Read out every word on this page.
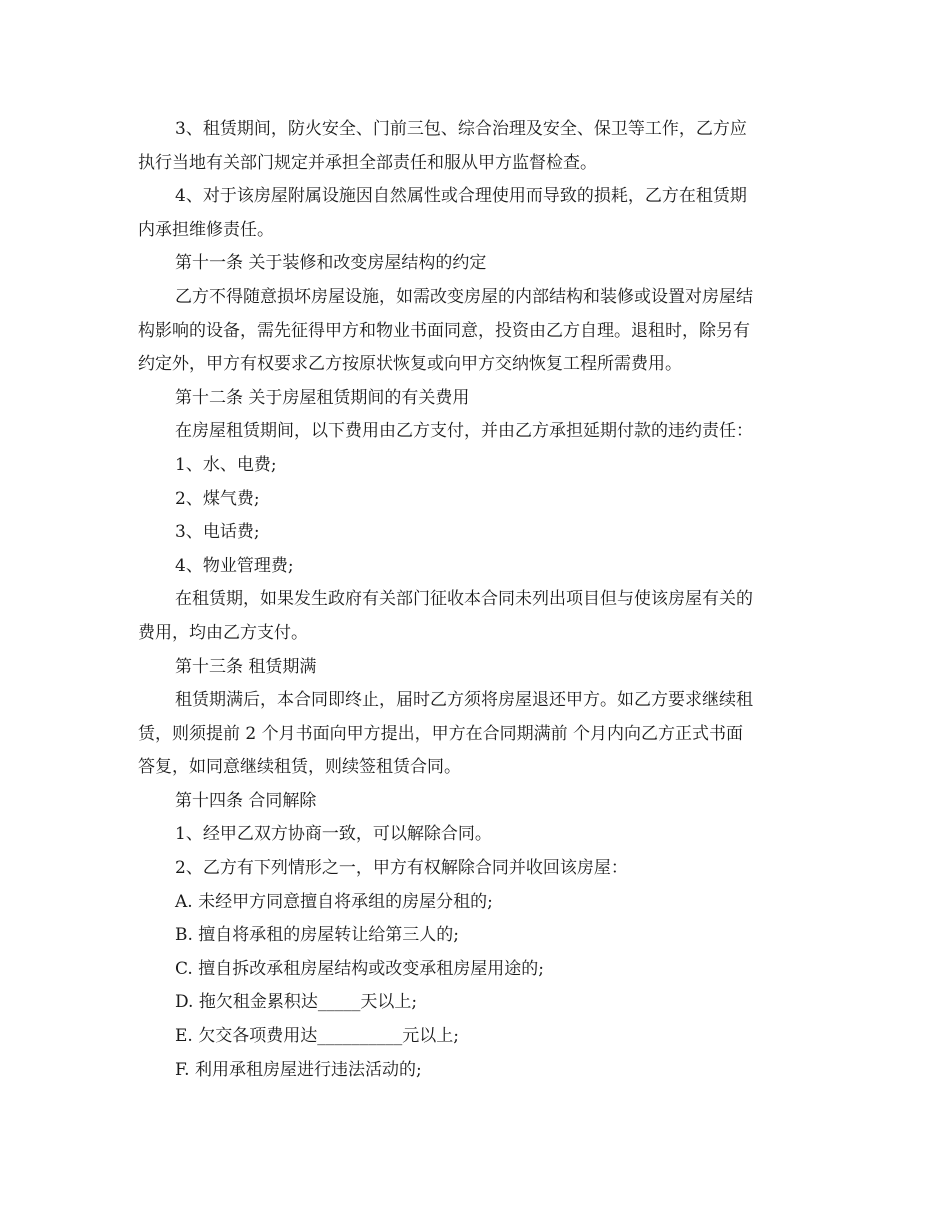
3、租赁期间，防火安全、门前三包、综合治理及安全、保卫等工作，乙方应
执行当地有关部门规定并承担全部责任和服从甲方监督检查。
4、对于该房屋附属设施因自然属性或合理使用而导致的损耗，乙方在租赁期
内承担维修责任。
第十一条 关于装修和改变房屋结构的约定
乙方不得随意损坏房屋设施，如需改变房屋的内部结构和装修或设置对房屋结
构影响的设备，需先征得甲方和物业书面同意，投资由乙方自理。退租时，除另有
约定外，甲方有权要求乙方按原状恢复或向甲方交纳恢复工程所需费用。
第十二条 关于房屋租赁期间的有关费用
在房屋租赁期间，以下费用由乙方支付，并由乙方承担延期付款的违约责任：
1、水、电费;
2、煤气费;
3、电话费;
4、物业管理费;
在租赁期，如果发生政府有关部门征收本合同未列出项目但与使该房屋有关的
费用，均由乙方支付。
第十三条 租赁期满
租赁期满后，本合同即终止，届时乙方须将房屋退还甲方。如乙方要求继续租
赁，则须提前 2 个月书面向甲方提出，甲方在合同期满前 个月内向乙方正式书面
答复，如同意继续租赁，则续签租赁合同。
第十四条 合同解除
1、经甲乙双方协商一致，可以解除合同。
2、乙方有下列情形之一，甲方有权解除合同并收回该房屋：
A. 未经甲方同意擅自将承组的房屋分租的;
B. 擅自将承租的房屋转让给第三人的;
C. 擅自拆改承租房屋结构或改变承租房屋用途的;
D. 拖欠租金累积达_____天以上;
E. 欠交各项费用达__________元以上;
F. 利用承租房屋进行违法活动的;
